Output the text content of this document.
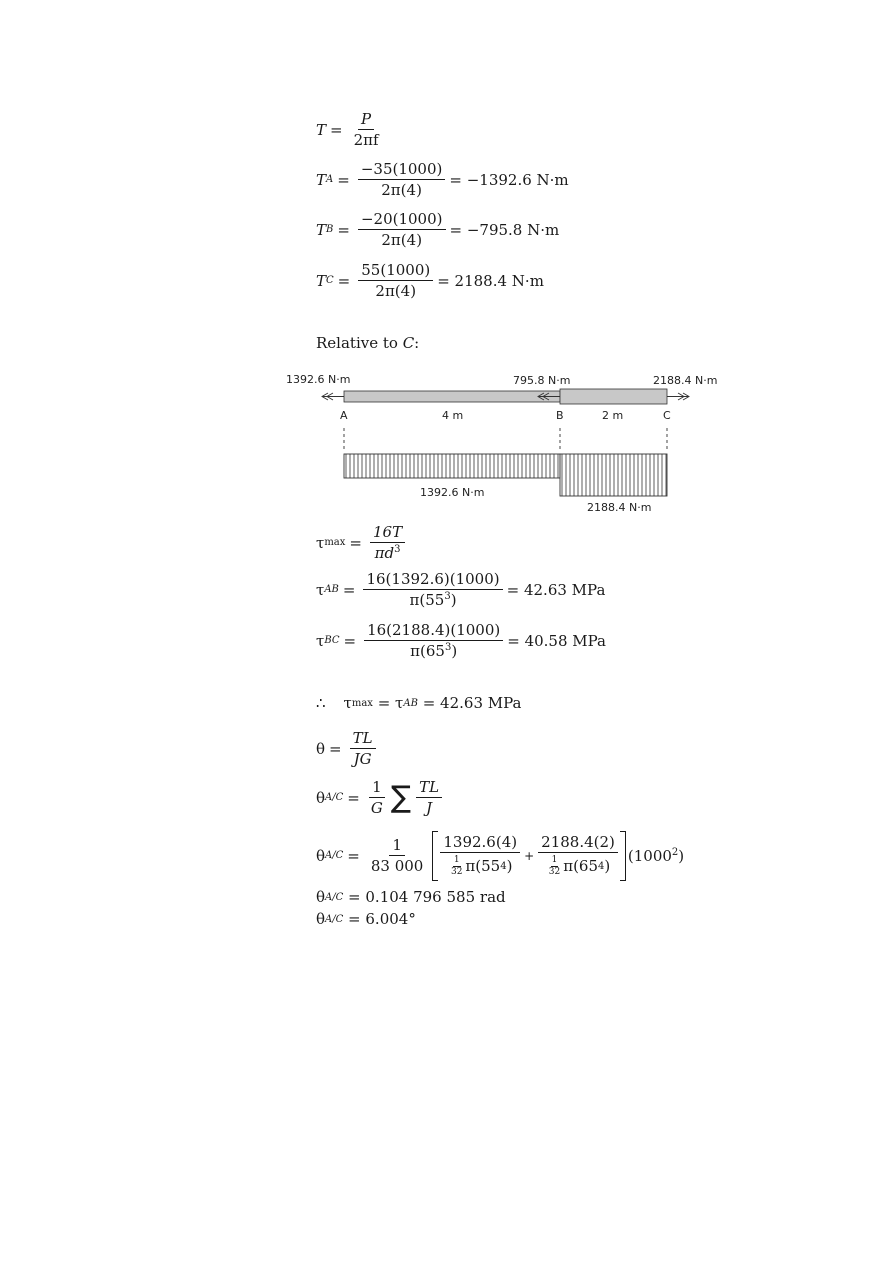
$T = \frac{P}{2\pi f}$
T $A = \frac{-35(1000)}{2\pi(4)} = -1392.6$ N·m
T $B = \frac{-20(1000)}{2\pi(4)} = -795.8$ N·m
T $C = \frac{55(1000)}{2\pi(4)} = 2188.4$ N·m
Relative to C:
1392.6 N·m	795.8 N·m	2188.4 N·m
A	B	C
4 m	2 m
1392.6 N·m
2188.4 N·m
τ $\max = \frac{16T}{\pi d^3}$
τ AB = $\frac{16(1392.6)(1000)}{\pi(55^3)} = 42.63$ MPa
τ BC = $\frac{16(2188.4)(1000)}{\pi(65^3)} = 40.58$ MPa
∴ τ max = τ AB = 42.63 MPa
$\theta = \frac{TL}{JG}$
θ $A/C = \frac{1}{G}$ ∑ $\frac{TL}{J}$
θ $A/C = \frac{1}{83 000} \frac{1392.6(4)}{\frac{1}{32} \pi(55 4 )} + \frac{2188.4(2)}{\frac{1}{32} \pi(65 4 )} (1000^2)$
θ A/C = 0.104 796 585 rad
θ A/C = 6.004°
